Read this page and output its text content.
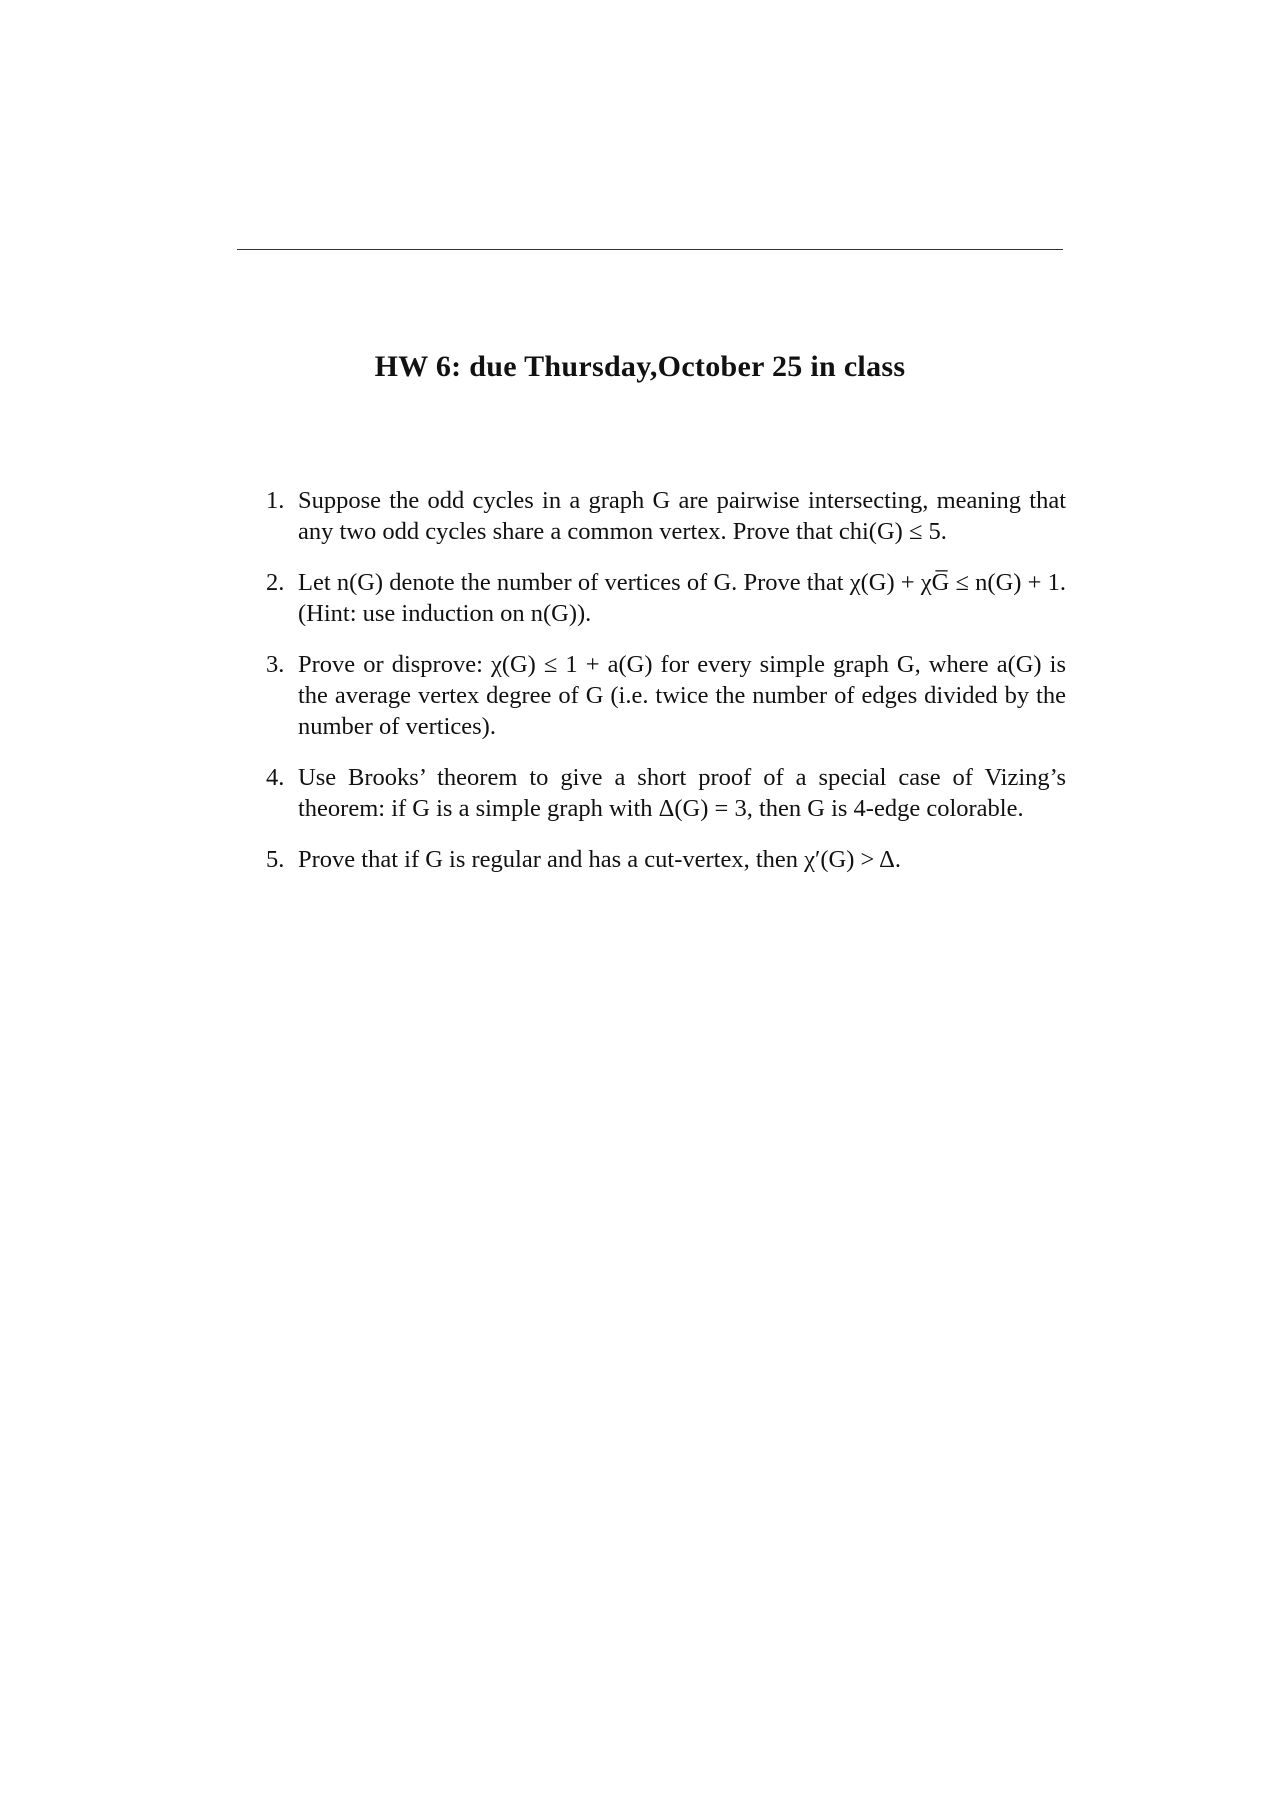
HW 6: due Thursday,October 25 in class
1. Suppose the odd cycles in a graph G are pairwise intersecting, meaning that any two odd cycles share a common vertex. Prove that chi(G) ≤ 5.
2. Let n(G) denote the number of vertices of G. Prove that χ(G) + χG̅ ≤ n(G) + 1. (Hint: use induction on n(G)).
3. Prove or disprove: χ(G) ≤ 1 + a(G) for every simple graph G, where a(G) is the average vertex degree of G (i.e. twice the number of edges divided by the number of vertices).
4. Use Brooks’ theorem to give a short proof of a special case of Vizing’s theorem: if G is a simple graph with Δ(G) = 3, then G is 4-edge colorable.
5. Prove that if G is regular and has a cut-vertex, then χ′(G) > Δ.
